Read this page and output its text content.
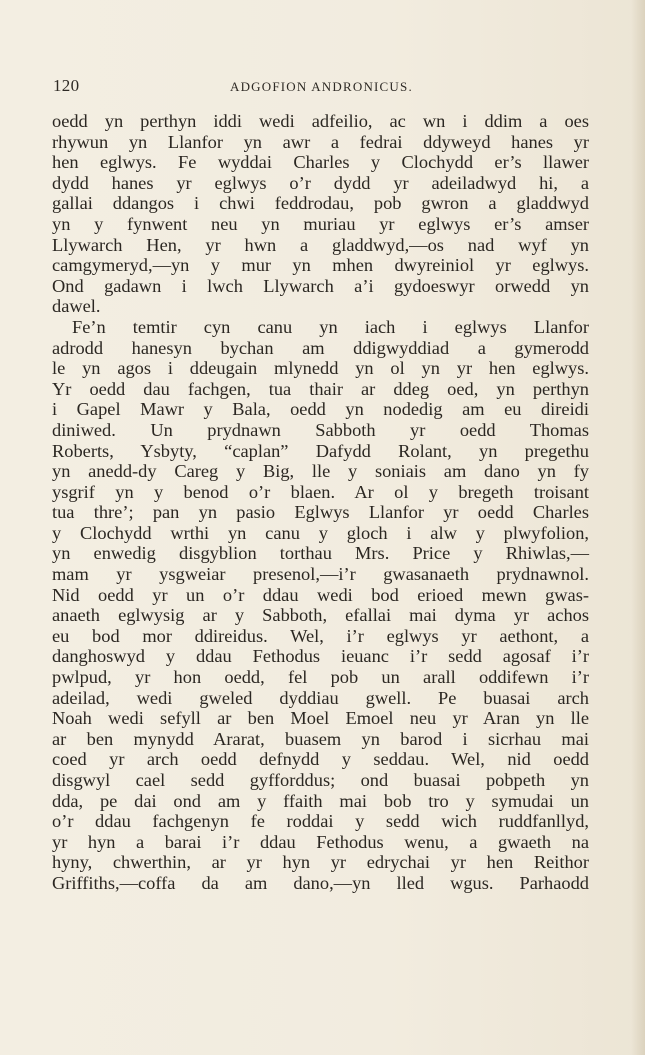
120	ADGOFION ANDRONICUS.

oedd yn perthyn iddi wedi adfeilio, ac wn i ddim a oes

rhywun yn Llanfor yn awr a fedrai ddyweyd hanes yr

hen eglwys. Fe wyddai Charles y Clochydd er’s llawer

dydd hanes yr eglwys o’r dydd yr adeiladwyd hi, a

gallai ddangos i chwi feddrodau, pob gwron a gladdwyd

yn y fynwent neu yn muriau yr eglwys er’s amser

Llywarch Hen, yr hwn a gladdwyd,—os nad wyf yn

camgymeryd,—yn y mur yn mhen dwyreiniol yr eglwys.

Ond gadawn i lwch Llywarch a’i gydoeswyr orwedd yn

dawel.

Fe’n temtir cyn canu yn iach i eglwys Llanfor

adrodd hanesyn bychan am ddigwyddiad a gymerodd

le yn agos i ddeugain mlynedd yn ol yn yr hen eglwys.

Yr oedd dau fachgen, tua thair ar ddeg oed, yn perthyn

i Gapel Mawr y Bala, oedd yn nodedig am eu direidi

diniwed. Un prydnawn Sabboth yr oedd Thomas

Roberts, Ysbyty, “caplan” Dafydd Rolant, yn pregethu

yn anedd-dy Careg y Big, lle y soniais am dano yn fy

ysgrif yn y benod o’r blaen. Ar ol y bregeth troisant

tua thre’; pan yn pasio Eglwys Llanfor yr oedd Charles

y Clochydd wrthi yn canu y gloch i alw y plwyfolion,

yn enwedig disgyblion torthau Mrs. Price y Rhiwlas,—

mam yr ysgweiar presenol,—i’r gwasanaeth prydnawnol.

Nid oedd yr un o’r ddau wedi bod erioed mewn gwas-

anaeth eglwysig ar y Sabboth, efallai mai dyma yr achos

eu bod mor ddireidus. Wel, i’r eglwys yr aethont, a

danghoswyd y ddau Fethodus ieuanc i’r sedd agosaf i’r

pwlpud, yr hon oedd, fel pob un arall oddifewn i’r

adeilad, wedi gweled dyddiau gwell. Pe buasai arch

Noah wedi sefyll ar ben Moel Emoel neu yr Aran yn lle

ar ben mynydd Ararat, buasem yn barod i sicrhau mai

coed yr arch oedd defnydd y seddau. Wel, nid oedd

disgwyl cael sedd gyfforddus; ond buasai pobpeth yn

dda, pe dai ond am y ffaith mai bob tro y symudai un

o’r ddau fachgenyn fe roddai y sedd wich ruddfanllyd,

yr hyn a barai i’r ddau Fethodus wenu, a gwaeth na

hyny, chwerthin, ar yr hyn yr edrychai yr hen Reithor

Griffiths,—coffa da am dano,—yn lled wgus. Parhaodd
